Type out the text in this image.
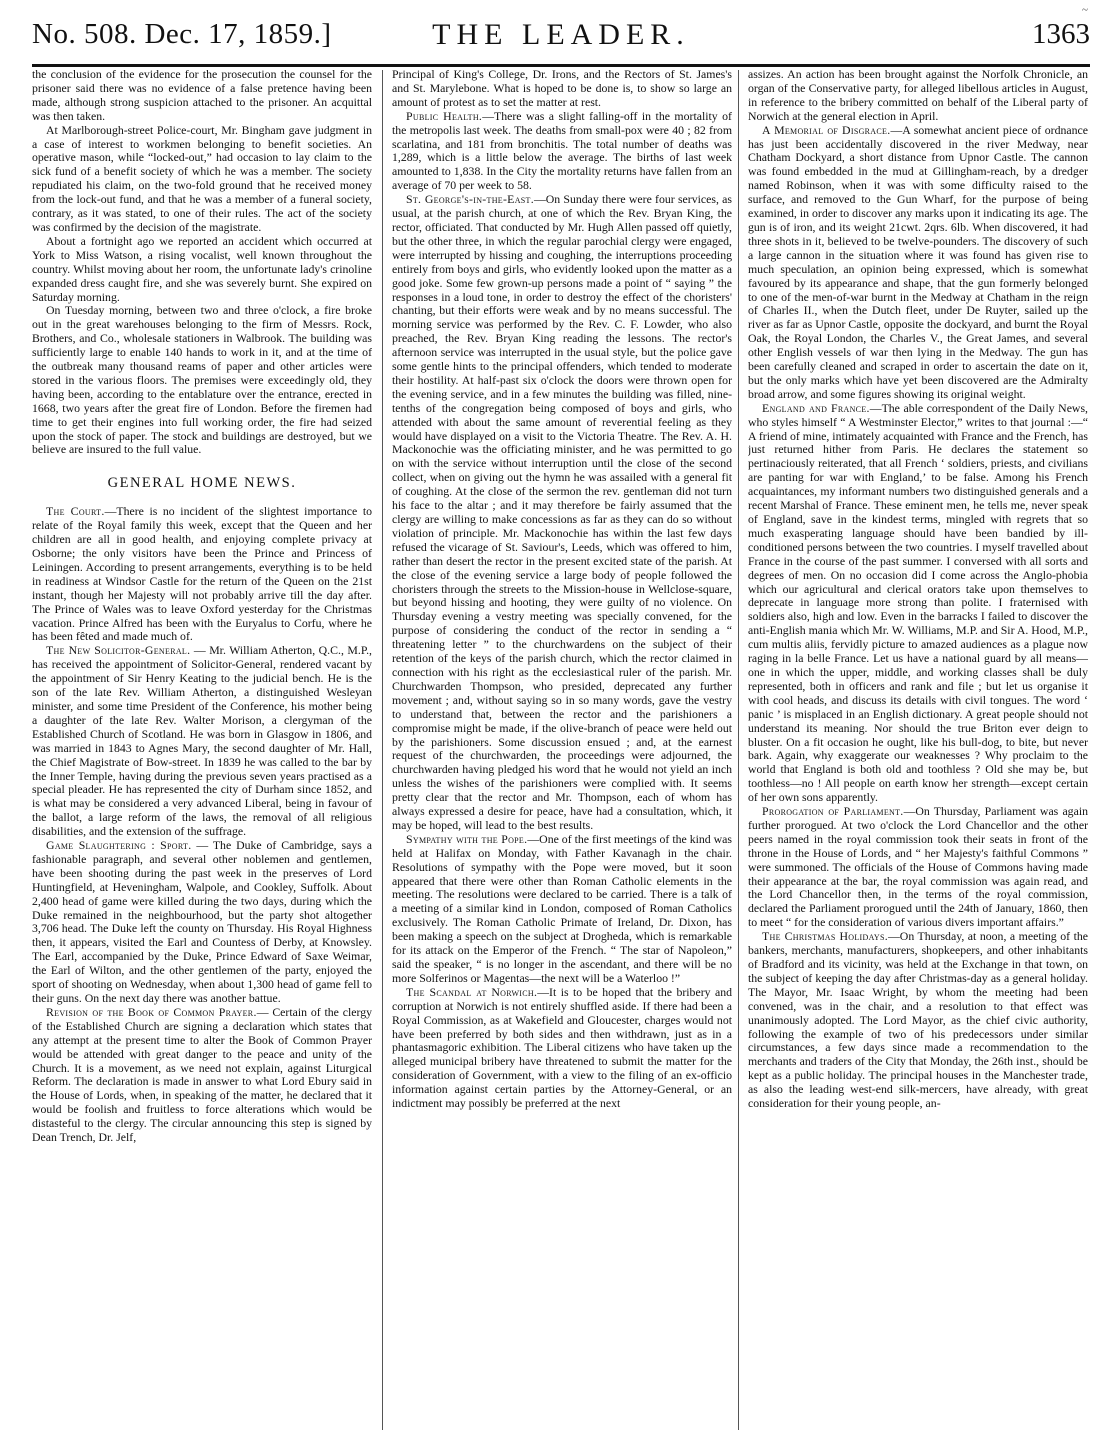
~
No. 508. Dec. 17, 1859.]	THE LEADER.	1363

the conclusion of the evidence for the prosecution the counsel for the prisoner said there was no evidence of a false pretence having been made, although strong suspicion attached to the prisoner. An acquittal was then taken.

At Marlborough-street Police-court, Mr. Bingham gave judgment in a case of interest to workmen belonging to benefit societies. An operative mason, while “locked-out,” had occasion to lay claim to the sick fund of a benefit society of which he was a member. The society repudiated his claim, on the two-fold ground that he received money from the lock-out fund, and that he was a member of a funeral society, contrary, as it was stated, to one of their rules. The act of the society was confirmed by the decision of the magistrate.

About a fortnight ago we reported an accident which occurred at York to Miss Watson, a rising vocalist, well known throughout the country. Whilst moving about her room, the unfortunate lady's crinoline expanded dress caught fire, and she was severely burnt. She expired on Saturday morning.

On Tuesday morning, between two and three o'clock, a fire broke out in the great warehouses belonging to the firm of Messrs. Rock, Brothers, and Co., wholesale stationers in Walbrook. The building was sufficiently large to enable 140 hands to work in it, and at the time of the outbreak many thousand reams of paper and other articles were stored in the various floors. The premises were exceedingly old, they having been, according to the entablature over the entrance, erected in 1668, two years after the great fire of London. Before the firemen had time to get their engines into full working order, the fire had seized upon the stock of paper. The stock and buildings are destroyed, but we believe are insured to the full value.

GENERAL HOME NEWS.

The Court.—There is no incident of the slightest importance to relate of the Royal family this week, except that the Queen and her children are all in good health, and enjoying complete privacy at Osborne; the only visitors have been the Prince and Princess of Leiningen. According to present arrangements, everything is to be held in readiness at Windsor Castle for the return of the Queen on the 21st instant, though her Majesty will not probably arrive till the day after. The Prince of Wales was to leave Oxford yesterday for the Christmas vacation. Prince Alfred has been with the Euryalus to Corfu, where he has been fêted and made much of.

The New Solicitor-General. — Mr. William Atherton, Q.C., M.P., has received the appointment of Solicitor-General, rendered vacant by the appointment of Sir Henry Keating to the judicial bench. He is the son of the late Rev. William Atherton, a distinguished Wesleyan minister, and some time President of the Conference, his mother being a daughter of the late Rev. Walter Morison, a clergyman of the Established Church of Scotland. He was born in Glasgow in 1806, and was married in 1843 to Agnes Mary, the second daughter of Mr. Hall, the Chief Magistrate of Bow-street. In 1839 he was called to the bar by the Inner Temple, having during the previous seven years practised as a special pleader. He has represented the city of Durham since 1852, and is what may be considered a very advanced Liberal, being in favour of the ballot, a large reform of the laws, the removal of all religious disabilities, and the extension of the suffrage.

Game Slaughtering : Sport. — The Duke of Cambridge, says a fashionable paragraph, and several other noblemen and gentlemen, have been shooting during the past week in the preserves of Lord Huntingfield, at Heveningham, Walpole, and Cookley, Suffolk. About 2,400 head of game were killed during the two days, during which the Duke remained in the neighbourhood, but the party shot altogether 3,706 head. The Duke left the county on Thursday. His Royal Highness then, it appears, visited the Earl and Countess of Derby, at Knowsley. The Earl, accompanied by the Duke, Prince Edward of Saxe Weimar, the Earl of Wilton, and the other gentlemen of the party, enjoyed the sport of shooting on Wednesday, when about 1,300 head of game fell to their guns. On the next day there was another battue.

Revision of the Book of Common Prayer.— Certain of the clergy of the Established Church are signing a declaration which states that any attempt at the present time to alter the Book of Common Prayer would be attended with great danger to the peace and unity of the Church. It is a movement, as we need not explain, against Liturgical Reform. The declaration is made in answer to what Lord Ebury said in the House of Lords, when, in speaking of the matter, he declared that it would be foolish and fruitless to force alterations which would be distasteful to the clergy. The circular announcing this step is signed by Dean Trench, Dr. Jelf,

Principal of King's College, Dr. Irons, and the Rectors of St. James's and St. Marylebone. What is hoped to be done is, to show so large an amount of protest as to set the matter at rest.

Public Health.—There was a slight falling-off in the mortality of the metropolis last week. The deaths from small-pox were 40 ; 82 from scarlatina, and 181 from bronchitis. The total number of deaths was 1,289, which is a little below the average. The births of last week amounted to 1,838. In the City the mortality returns have fallen from an average of 70 per week to 58.

St. George's-in-the-East.—On Sunday there were four services, as usual, at the parish church, at one of which the Rev. Bryan King, the rector, officiated. That conducted by Mr. Hugh Allen passed off quietly, but the other three, in which the regular parochial clergy were engaged, were interrupted by hissing and coughing, the interruptions proceeding entirely from boys and girls, who evidently looked upon the matter as a good joke. Some few grown-up persons made a point of “ saying ” the responses in a loud tone, in order to destroy the effect of the choristers' chanting, but their efforts were weak and by no means successful. The morning service was performed by the Rev. C. F. Lowder, who also preached, the Rev. Bryan King reading the lessons. The rector's afternoon service was interrupted in the usual style, but the police gave some gentle hints to the principal offenders, which tended to moderate their hostility. At half-past six o'clock the doors were thrown open for the evening service, and in a few minutes the building was filled, nine-tenths of the congregation being composed of boys and girls, who attended with about the same amount of reverential feeling as they would have displayed on a visit to the Victoria Theatre. The Rev. A. H. Mackonochie was the officiating minister, and he was permitted to go on with the service without interruption until the close of the second collect, when on giving out the hymn he was assailed with a general fit of coughing. At the close of the sermon the rev. gentleman did not turn his face to the altar ; and it may therefore be fairly assumed that the clergy are willing to make concessions as far as they can do so without violation of principle. Mr. Mackonochie has within the last few days refused the vicarage of St. Saviour's, Leeds, which was offered to him, rather than desert the rector in the present excited state of the parish. At the close of the evening service a large body of people followed the choristers through the streets to the Mission-house in Wellclose-square, but beyond hissing and hooting, they were guilty of no violence. On Thursday evening a vestry meeting was specially convened, for the purpose of considering the conduct of the rector in sending a “ threatening letter ” to the churchwardens on the subject of their retention of the keys of the parish church, which the rector claimed in connection with his right as the ecclesiastical ruler of the parish. Mr. Churchwarden Thompson, who presided, deprecated any further movement ; and, without saying so in so many words, gave the vestry to understand that, between the rector and the parishioners a compromise might be made, if the olive-branch of peace were held out by the parishioners. Some discussion ensued ; and, at the earnest request of the churchwarden, the proceedings were adjourned, the churchwarden having pledged his word that he would not yield an inch unless the wishes of the parishioners were complied with. It seems pretty clear that the rector and Mr. Thompson, each of whom has always expressed a desire for peace, have had a consultation, which, it may be hoped, will lead to the best results.

Sympathy with the Pope.—One of the first meetings of the kind was held at Halifax on Monday, with Father Kavanagh in the chair. Resolutions of sympathy with the Pope were moved, but it soon appeared that there were other than Roman Catholic elements in the meeting. The resolutions were declared to be carried. There is a talk of a meeting of a similar kind in London, composed of Roman Catholics exclusively. The Roman Catholic Primate of Ireland, Dr. Dixon, has been making a speech on the subject at Drogheda, which is remarkable for its attack on the Emperor of the French. “ The star of Napoleon,” said the speaker, “ is no longer in the ascendant, and there will be no more Solferinos or Magentas—the next will be a Waterloo !”

The Scandal at Norwich.—It is to be hoped that the bribery and corruption at Norwich is not entirely shuffled aside. If there had been a Royal Commission, as at Wakefield and Gloucester, charges would not have been preferred by both sides and then withdrawn, just as in a phantasmagoric exhibition. The Liberal citizens who have taken up the alleged municipal bribery have threatened to submit the matter for the consideration of Government, with a view to the filing of an ex-officio information against certain parties by the Attorney-General, or an indictment may possibly be preferred at the next

assizes. An action has been brought against the Norfolk Chronicle, an organ of the Conservative party, for alleged libellous articles in August, in reference to the bribery committed on behalf of the Liberal party of Norwich at the general election in April.

A Memorial of Disgrace.—A somewhat ancient piece of ordnance has just been accidentally discovered in the river Medway, near Chatham Dockyard, a short distance from Upnor Castle. The cannon was found embedded in the mud at Gillingham-reach, by a dredger named Robinson, when it was with some difficulty raised to the surface, and removed to the Gun Wharf, for the purpose of being examined, in order to discover any marks upon it indicating its age. The gun is of iron, and its weight 21cwt. 2qrs. 6lb. When discovered, it had three shots in it, believed to be twelve-pounders. The discovery of such a large cannon in the situation where it was found has given rise to much speculation, an opinion being expressed, which is somewhat favoured by its appearance and shape, that the gun formerly belonged to one of the men-of-war burnt in the Medway at Chatham in the reign of Charles II., when the Dutch fleet, under De Ruyter, sailed up the river as far as Upnor Castle, opposite the dockyard, and burnt the Royal Oak, the Royal London, the Charles V., the Great James, and several other English vessels of war then lying in the Medway. The gun has been carefully cleaned and scraped in order to ascertain the date on it, but the only marks which have yet been discovered are the Admiralty broad arrow, and some figures showing its original weight.

England and France.—The able correspondent of the Daily News, who styles himself “ A Westminster Elector,” writes to that journal :—“ A friend of mine, intimately acquainted with France and the French, has just returned hither from Paris. He declares the statement so pertinaciously reiterated, that all French ‘ soldiers, priests, and civilians are panting for war with England,’ to be false. Among his French acquaintances, my informant numbers two distinguished generals and a recent Marshal of France. These eminent men, he tells me, never speak of England, save in the kindest terms, mingled with regrets that so much exasperating language should have been bandied by ill-conditioned persons between the two countries. I myself travelled about France in the course of the past summer. I conversed with all sorts and degrees of men. On no occasion did I come across the Anglo-phobia which our agricultural and clerical orators take upon themselves to deprecate in language more strong than polite. I fraternised with soldiers also, high and low. Even in the barracks I failed to discover the anti-English mania which Mr. W. Williams, M.P. and Sir A. Hood, M.P., cum multis aliis, fervidly picture to amazed audiences as a plague now raging in la belle France. Let us have a national guard by all means—one in which the upper, middle, and working classes shall be duly represented, both in officers and rank and file ; but let us organise it with cool heads, and discuss its details with civil tongues. The word ‘ panic ’ is misplaced in an English dictionary. A great people should not understand its meaning. Nor should the true Briton ever deign to bluster. On a fit occasion he ought, like his bull-dog, to bite, but never bark. Again, why exaggerate our weaknesses ? Why proclaim to the world that England is both old and toothless ? Old she may be, but toothless—no ! All people on earth know her strength—except certain of her own sons apparently.

Prorogation of Parliament.—On Thursday, Parliament was again further prorogued. At two o'clock the Lord Chancellor and the other peers named in the royal commission took their seats in front of the throne in the House of Lords, and “ her Majesty's faithful Commons ” were summoned. The officials of the House of Commons having made their appearance at the bar, the royal commission was again read, and the Lord Chancellor then, in the terms of the royal commission, declared the Parliament prorogued until the 24th of January, 1860, then to meet “ for the consideration of various divers important affairs.”

The Christmas Holidays.—On Thursday, at noon, a meeting of the bankers, merchants, manufacturers, shopkeepers, and other inhabitants of Bradford and its vicinity, was held at the Exchange in that town, on the subject of keeping the day after Christmas-day as a general holiday. The Mayor, Mr. Isaac Wright, by whom the meeting had been convened, was in the chair, and a resolution to that effect was unanimously adopted. The Lord Mayor, as the chief civic authority, following the example of two of his predecessors under similar circumstances, a few days since made a recommendation to the merchants and traders of the City that Monday, the 26th inst., should be kept as a public holiday. The principal houses in the Manchester trade, as also the leading west-end silk-mercers, have already, with great consideration for their young people, an-
